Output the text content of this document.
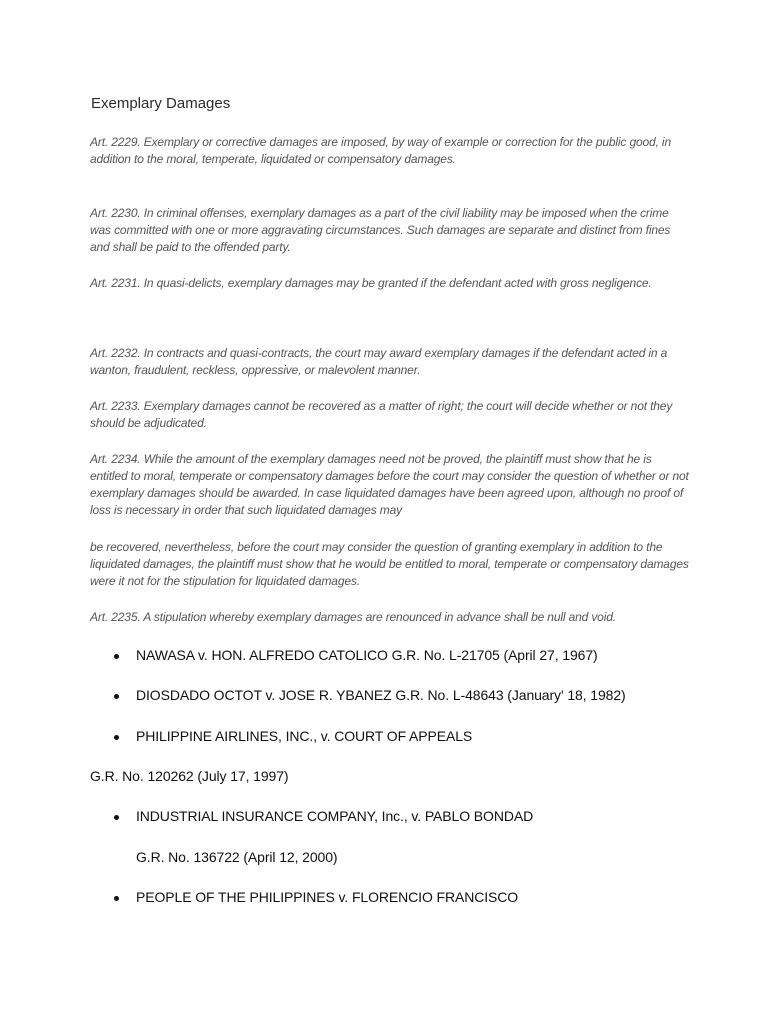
Exemplary Damages

Art. 2229. Exemplary or corrective damages are imposed, by way of example or correction for the public good, in addition to the moral, temperate, liquidated or compensatory damages.

Art. 2230. In criminal offenses, exemplary damages as a part of the civil liability may be imposed when the crime was committed with one or more aggravating circumstances. Such damages are separate and distinct from fines and shall be paid to the offended party.

Art. 2231. In quasi-delicts, exemplary damages may be granted if the defendant acted with gross negligence.

Art. 2232. In contracts and quasi-contracts, the court may award exemplary damages if the defendant acted in a wanton, fraudulent, reckless, oppressive, or malevolent manner.

Art. 2233. Exemplary damages cannot be recovered as a matter of right; the court will decide whether or not they should be adjudicated.

Art. 2234. While the amount of the exemplary damages need not be proved, the plaintiff must show that he is entitled to moral, temperate or compensatory damages before the court may consider the question of whether or not exemplary damages should be awarded. In case liquidated damages have been agreed upon, although no proof of loss is necessary in order that such liquidated damages may

be recovered, nevertheless, before the court may consider the question of granting exemplary in addition to the liquidated damages, the plaintiff must show that he would be entitled to moral, temperate or compensatory damages were it not for the stipulation for liquidated damages.

Art. 2235. A stipulation whereby exemplary damages are renounced in advance shall be null and void.

NAWASA v. HON. ALFREDO CATOLICO G.R. No. L-21705 (April 27, 1967)
DIOSDADO OCTOT v. JOSE R. YBANEZ G.R. No. L-48643 (January' 18, 1982)
PHILIPPINE AIRLINES, INC., v. COURT OF APPEALS
G.R. No. 120262 (July 17, 1997)
INDUSTRIAL INSURANCE COMPANY, Inc., v. PABLO BONDAD
G.R. No. 136722 (April 12, 2000)
PEOPLE OF THE PHILIPPINES v. FLORENCIO FRANCISCO
